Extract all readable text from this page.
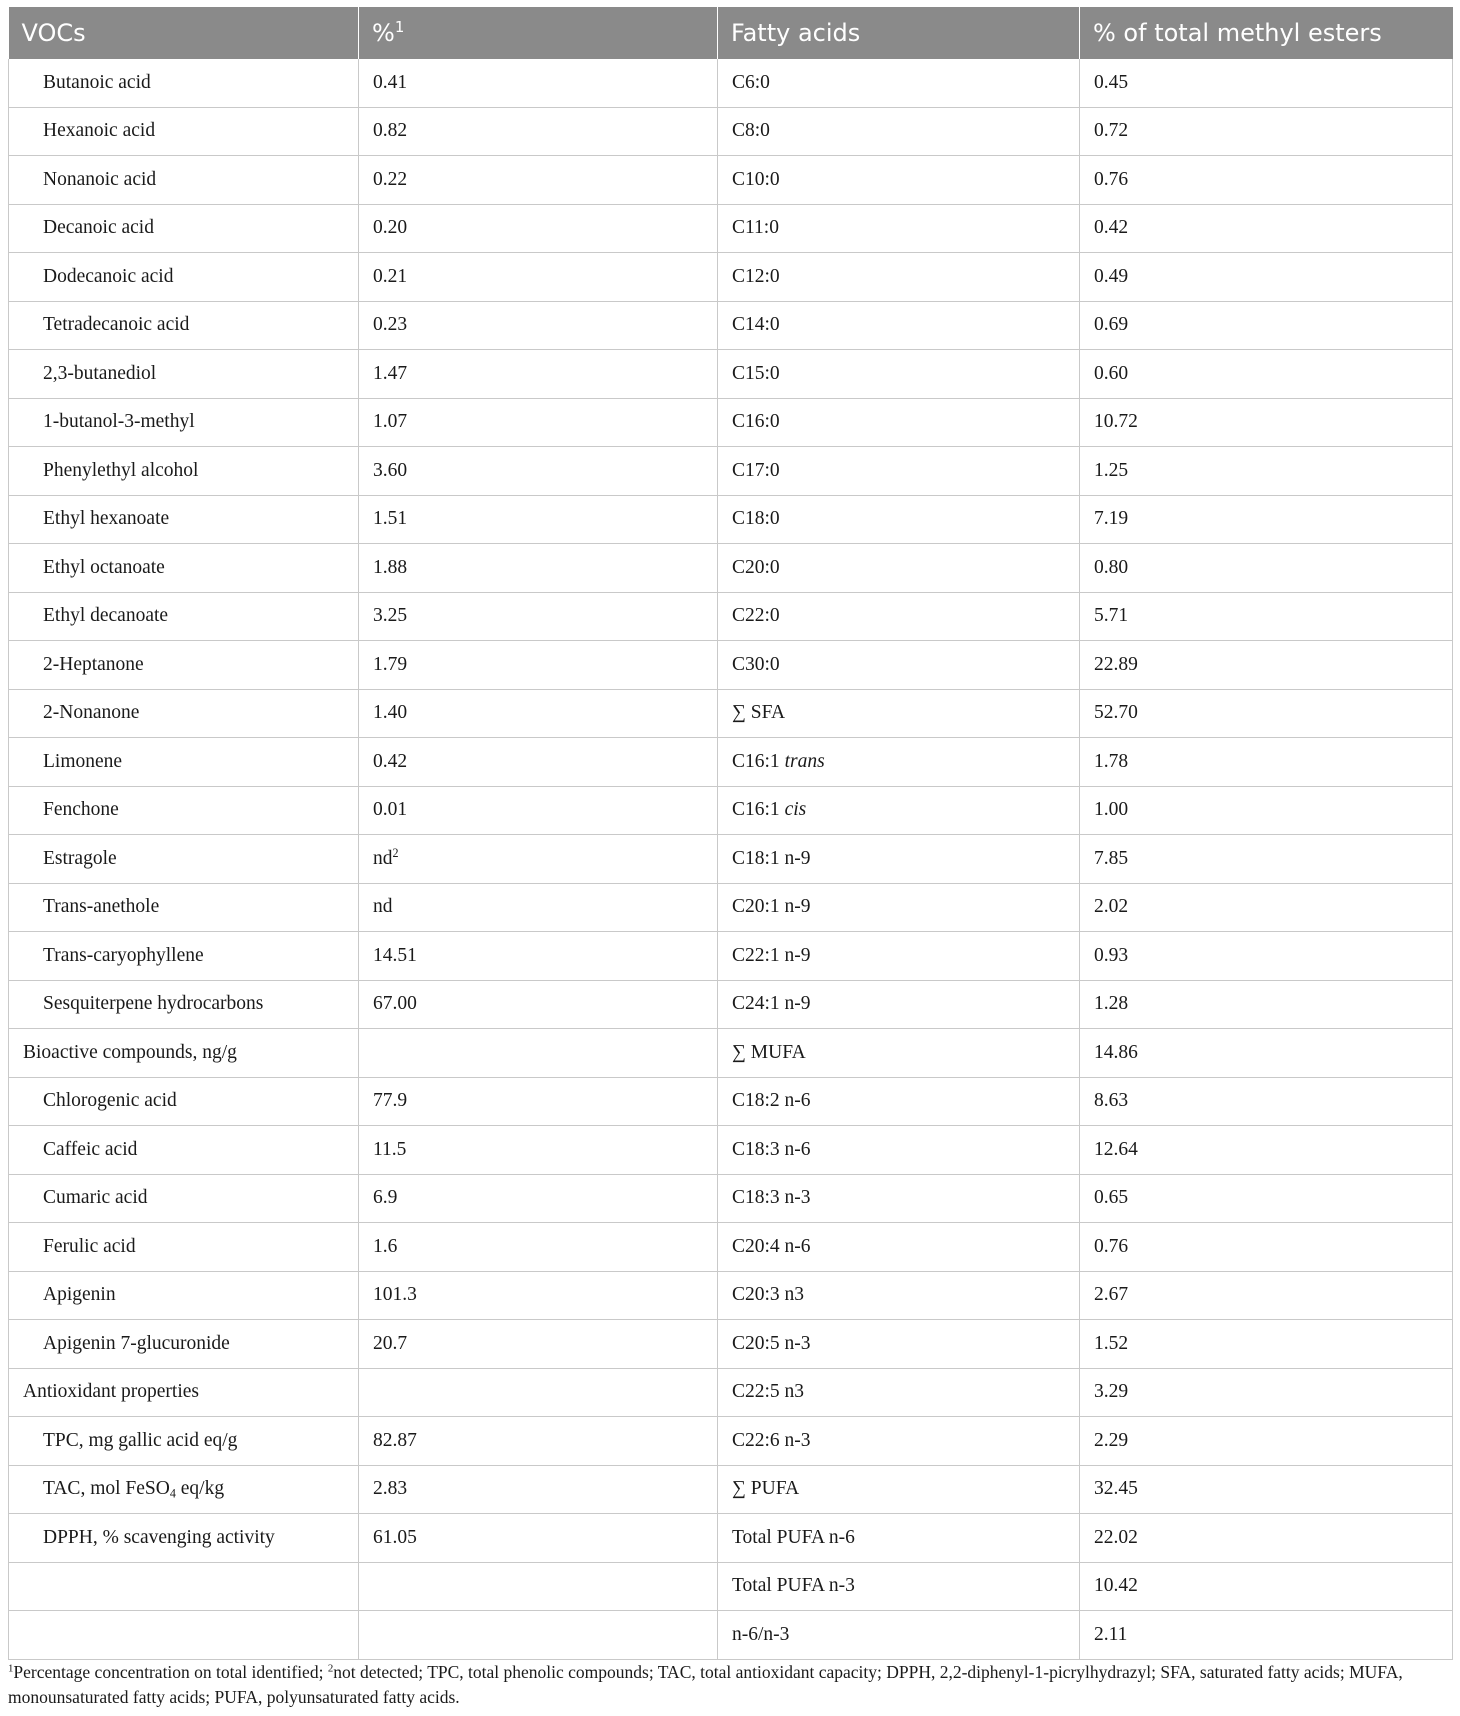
VOCs	%$^1$	Fatty acids	% of total methyl esters
Butanoic acid	0.41	C6:0	0.45
Hexanoic acid	0.82	C8:0	0.72
Nonanoic acid	0.22	C10:0	0.76
Decanoic acid	0.20	C11:0	0.42
Dodecanoic acid	0.21	C12:0	0.49
Tetradecanoic acid	0.23	C14:0	0.69
2,3-butanediol	1.47	C15:0	0.60
1-butanol-3-methyl	1.07	C16:0	10.72
Phenylethyl alcohol	3.60	C17:0	1.25
Ethyl hexanoate	1.51	C18:0	7.19
Ethyl octanoate	1.88	C20:0	0.80
Ethyl decanoate	3.25	C22:0	5.71
2-Heptanone	1.79	C30:0	22.89
2-Nonanone	1.40	∑ SFA	52.70
Limonene	0.42	C16:1 trans	1.78
Fenchone	0.01	C16:1 cis	1.00
Estragole	$nd^2$	C18:1 n-9	7.85
Trans-anethole	nd	C20:1 n-9	2.02
Trans-caryophyllene	14.51	C22:1 n-9	0.93
Sesquiterpene hydrocarbons	67.00	C24:1 n-9	1.28
Bioactive compounds, ng/g		∑ MUFA	14.86
Chlorogenic acid	77.9	C18:2 n-6	8.63
Caffeic acid	11.5	C18:3 n-6	12.64
Cumaric acid	6.9	C18:3 n-3	0.65
Ferulic acid	1.6	C20:4 n-6	0.76
Apigenin	101.3	C20:3 n3	2.67
Apigenin 7-glucuronide	20.7	C20:5 n-3	1.52
Antioxidant properties		C22:5 n3	3.29
TPC, mg gallic acid eq/g	82.87	C22:6 n-3	2.29
TAC, mol FeSO$_4$ eq/kg	2.83	∑ PUFA	32.45
DPPH, % scavenging activity	61.05	Total PUFA n-6	22.02
		Total PUFA n-3	10.42
		n-6/n-3	2.11
$^1$Percentage concentration on total identified; $^2$not detected; TPC, total phenolic compounds; TAC, total antioxidant capacity; DPPH, 2,2-diphenyl-1-picrylhydrazyl; SFA, saturated fatty acids; MUFA, monounsaturated fatty acids; PUFA, polyunsaturated fatty acids.
